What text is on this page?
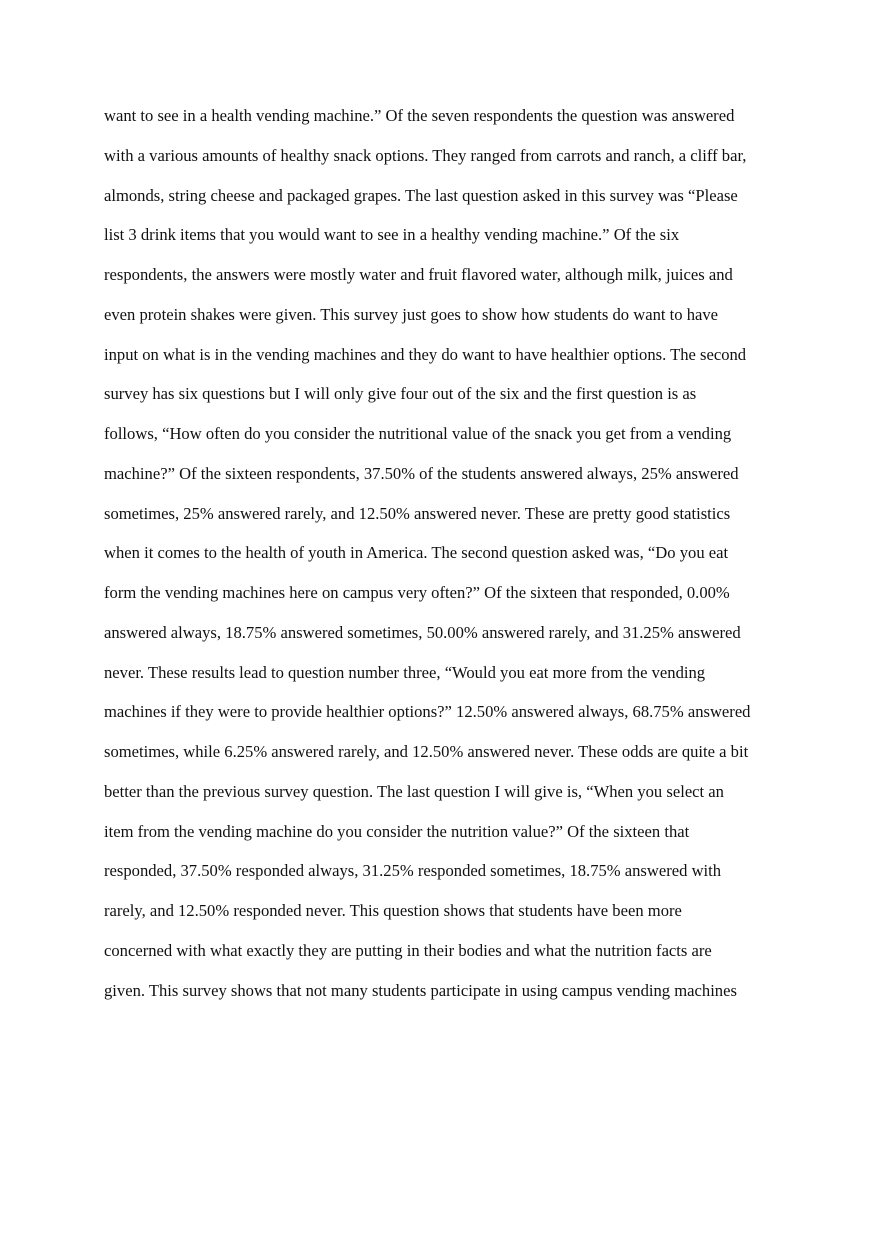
want to see in a health vending machine.” Of the seven respondents the question was answered
with a various amounts of healthy snack options. They ranged from carrots and ranch, a cliff bar,
almonds, string cheese and packaged grapes. The last question asked in this survey was “Please
list 3 drink items that you would want to see in a healthy vending machine.” Of the six
respondents, the answers were mostly water and fruit flavored water, although milk, juices and
even protein shakes were given. This survey just goes to show how students do want to have
input on what is in the vending machines and they do want to have healthier options. The second
survey has six questions but I will only give four out of the six and the first question is as
follows, “How often do you consider the nutritional value of the snack you get from a vending
machine?” Of the sixteen respondents, 37.50% of the students answered always, 25% answered
sometimes, 25% answered rarely, and 12.50% answered never. These are pretty good statistics
when it comes to the health of youth in America. The second question asked was, “Do you eat
form the vending machines here on campus very often?” Of the sixteen that responded, 0.00%
answered always, 18.75% answered sometimes, 50.00% answered rarely, and 31.25% answered
never. These results lead to question number three, “Would you eat more from the vending
machines if they were to provide healthier options?” 12.50% answered always, 68.75% answered
sometimes, while 6.25% answered rarely, and 12.50% answered never. These odds are quite a bit
better than the previous survey question. The last question I will give is, “When you select an
item from the vending machine do you consider the nutrition value?” Of the sixteen that
responded, 37.50% responded always, 31.25% responded sometimes, 18.75% answered with
rarely, and 12.50% responded never. This question shows that students have been more
concerned with what exactly they are putting in their bodies and what the nutrition facts are
given. This survey shows that not many students participate in using campus vending machines
